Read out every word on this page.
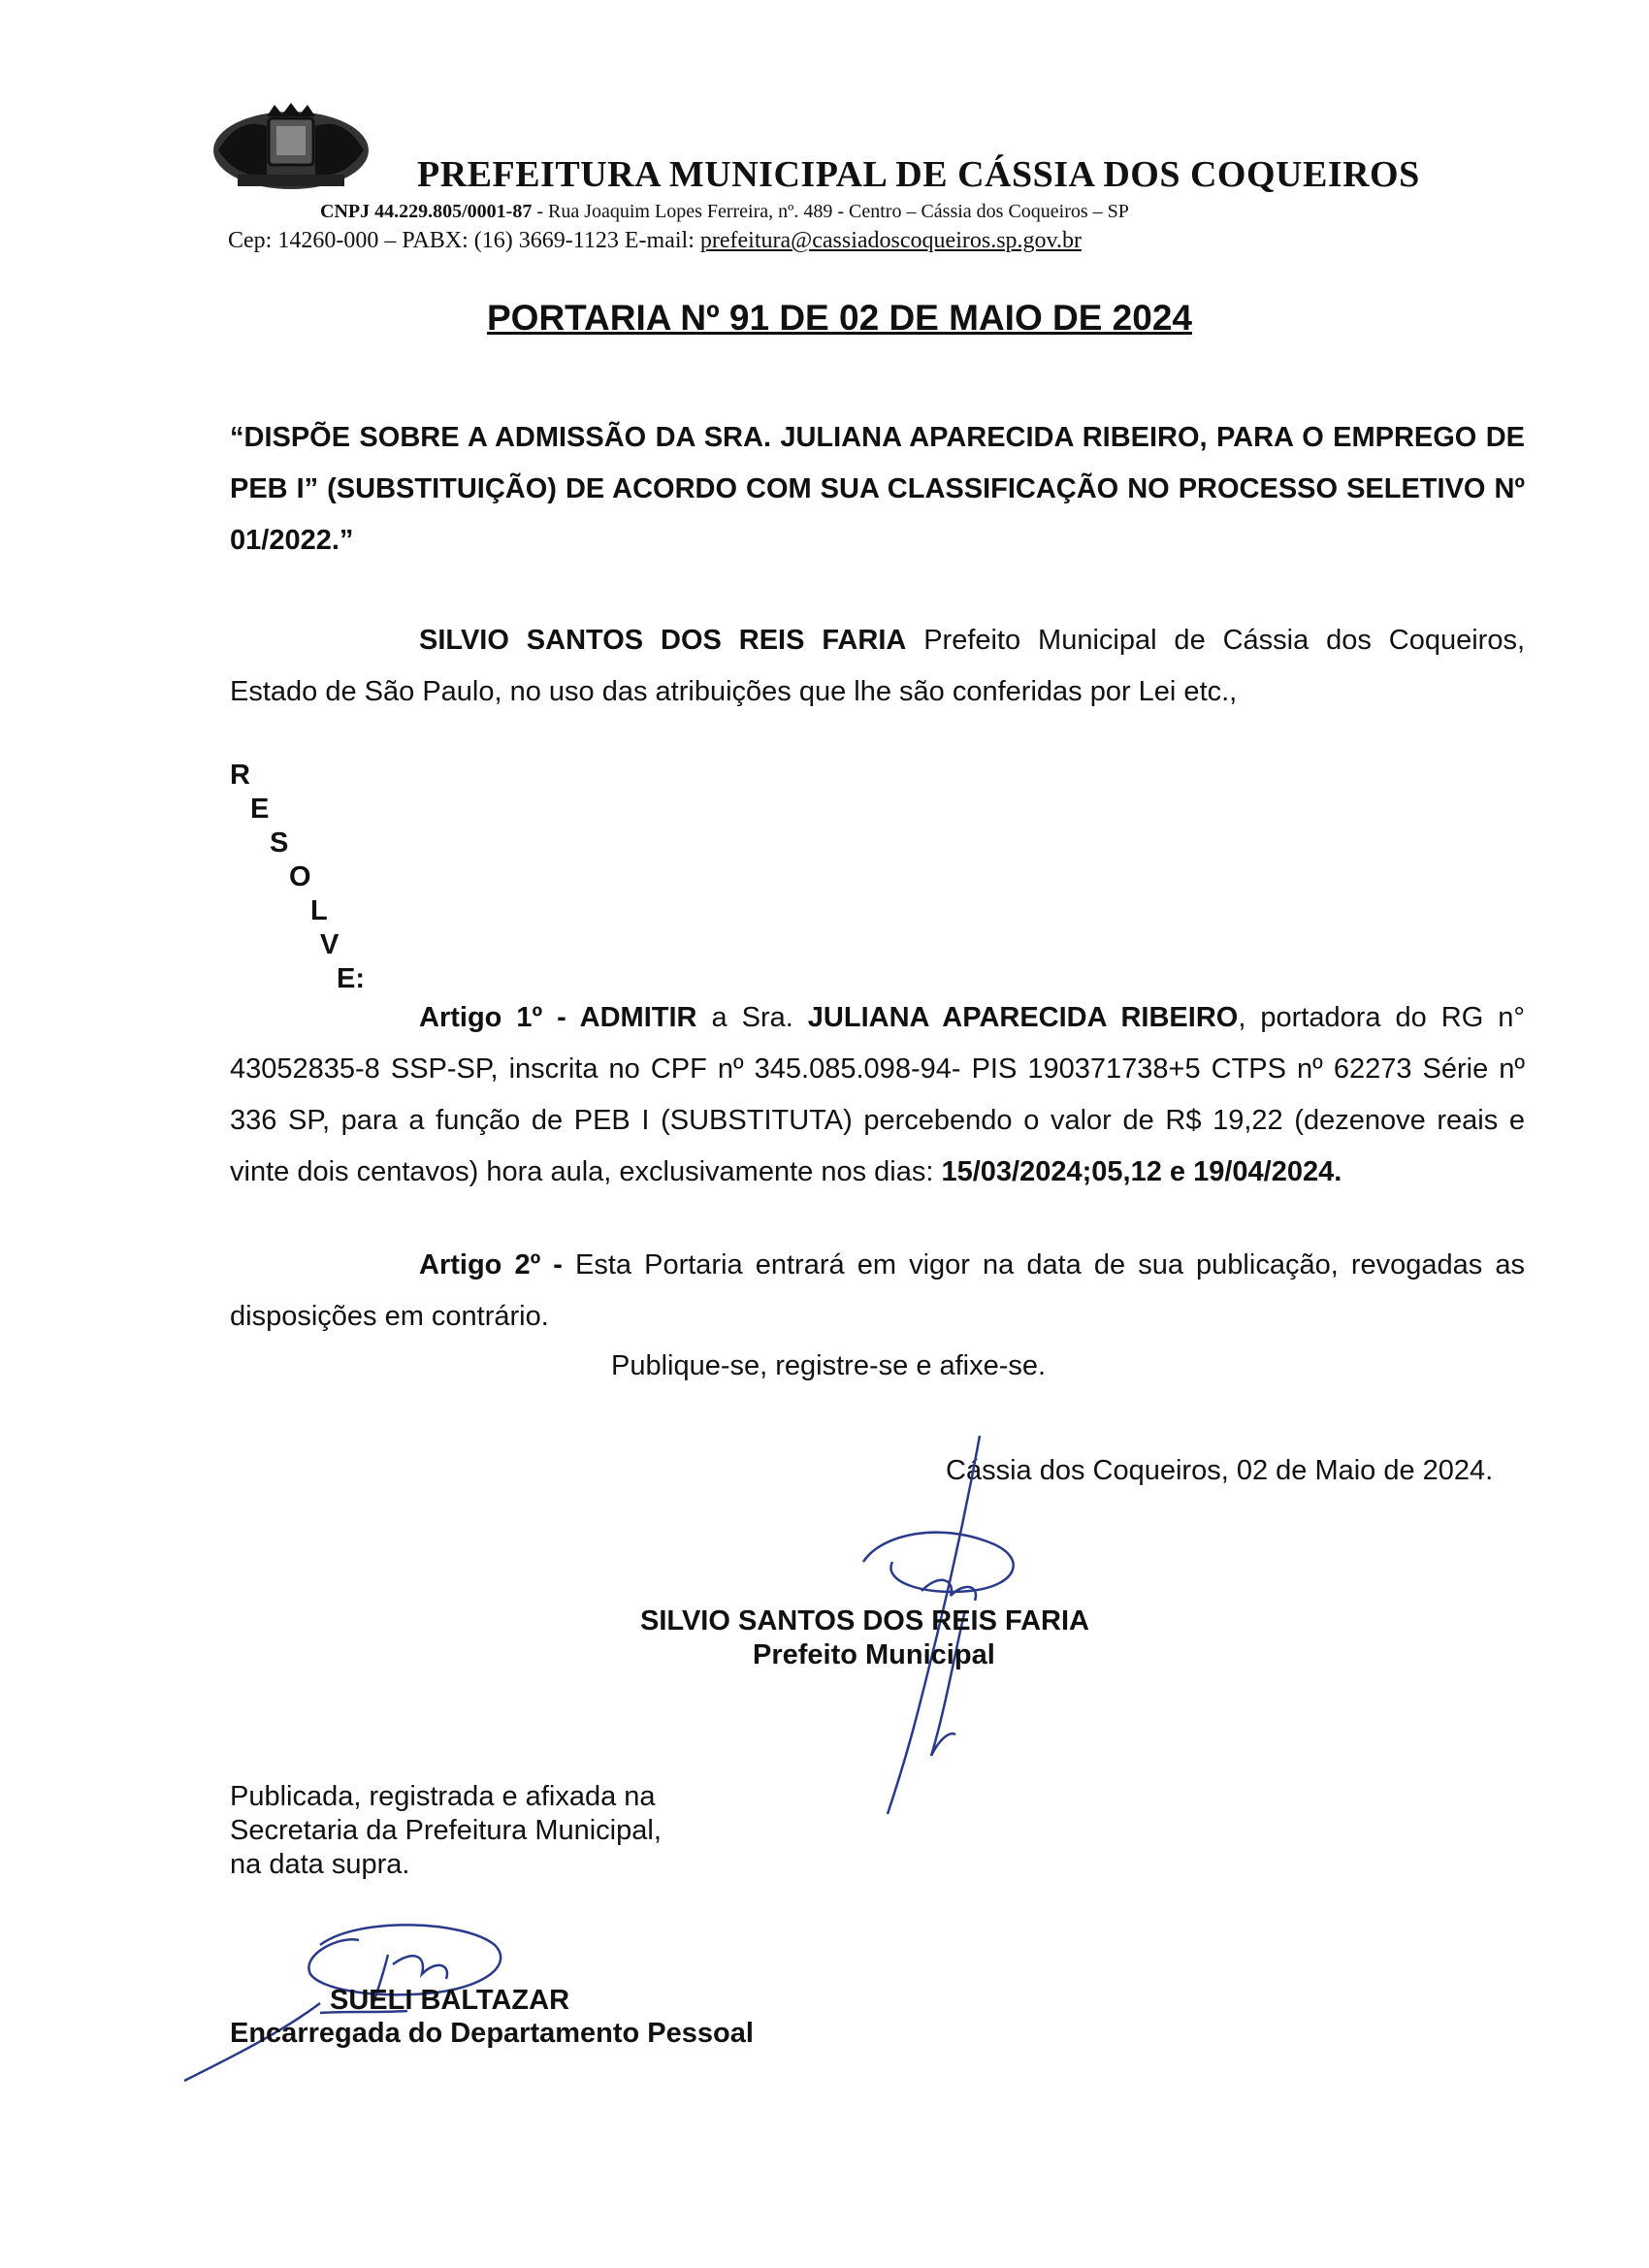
PREFEITURA MUNICIPAL DE CÁSSIA DOS COQUEIROS
CNPJ 44.229.805/0001-87 - Rua Joaquim Lopes Ferreira, nº. 489 - Centro – Cássia dos Coqueiros – SP
Cep: 14260-000 – PABX: (16) 3669-1123 E-mail: prefeitura@cassiadoscoqueiros.sp.gov.br
PORTARIA Nº 91 DE 02 DE MAIO DE 2024
“DISPÕE SOBRE A ADMISSÃO DA SRA. JULIANA APARECIDA RIBEIRO, PARA O EMPREGO DE PEB I” (SUBSTITUIÇÃO) DE ACORDO COM SUA CLASSIFICAÇÃO NO PROCESSO SELETIVO Nº 01/2022.”
SILVIO SANTOS DOS REIS FARIA Prefeito Municipal de Cássia dos Coqueiros, Estado de São Paulo, no uso das atribuições que lhe são conferidas por Lei etc.,
R
E
S
O
L
V
E:
Artigo 1º - ADMITIR a Sra. JULIANA APARECIDA RIBEIRO, portadora do RG n° 43052835-8 SSP-SP, inscrita no CPF nº 345.085.098-94- PIS 190371738+5 CTPS nº 62273 Série nº 336 SP, para a função de PEB I (SUBSTITUTA) percebendo o valor de R$ 19,22 (dezenove reais e vinte dois centavos) hora aula, exclusivamente nos dias: 15/03/2024;05,12 e 19/04/2024.
Artigo 2º - Esta Portaria entrará em vigor na data de sua publicação, revogadas as disposições em contrário.
Publique-se, registre-se e afixe-se.
Cássia dos Coqueiros, 02 de Maio de 2024.
SILVIO SANTOS DOS REIS FARIA
Prefeito Municipal
Publicada, registrada e afixada na
Secretaria da Prefeitura Municipal,
na data supra.
SUELI BALTAZAR
Encarregada do Departamento Pessoal
